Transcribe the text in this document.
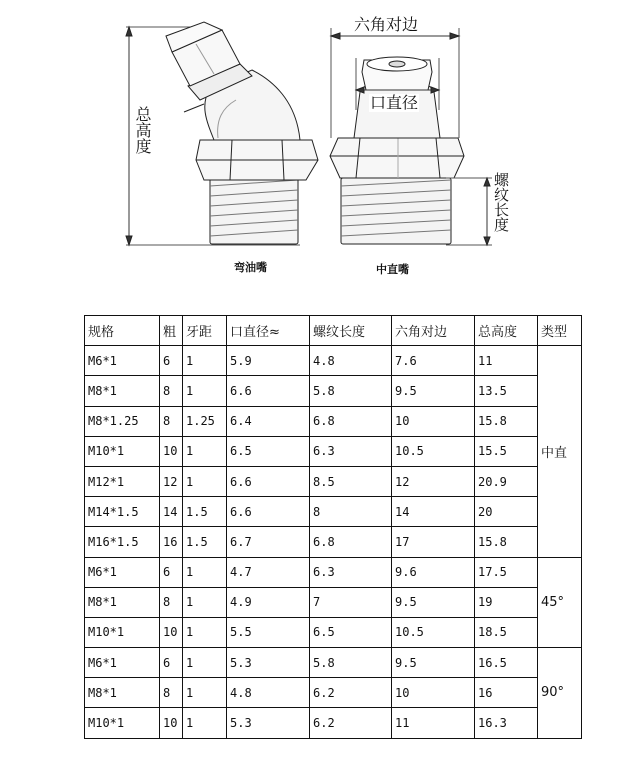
六角对边
口直径
总高度
螺纹长度
弯油嘴	中直嘴
规格	粗	牙距	口直径≈	螺纹长度	六角对边	总高度	类型
M6*1	6	1	5.9	4.8	7.6	11	中直
M8*1	8	1	6.6	5.8	9.5	13.5	
M8*1.25	8	1.25	6.4	6.8	10	15.8	
M10*1	10	1	6.5	6.3	10.5	15.5	
M12*1	12	1	6.6	8.5	12	20.9	
M14*1.5	14	1.5	6.6	8	14	20	
M16*1.5	16	1.5	6.7	6.8	17	15.8	
M6*1	6	1	4.7	6.3	9.6	17.5	45°
M8*1	8	1	4.9	7	9.5	19	
M10*1	10	1	5.5	6.5	10.5	18.5	
M6*1	6	1	5.3	5.8	9.5	16.5	90°
M8*1	8	1	4.8	6.2	10	16	
M10*1	10	1	5.3	6.2	11	16.3	
